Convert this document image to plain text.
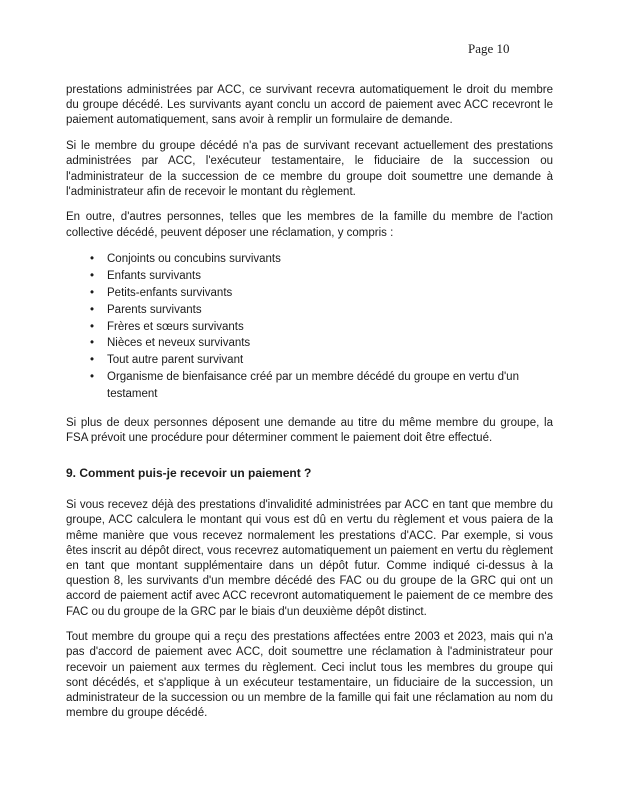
Page 10

prestations administrées par ACC, ce survivant recevra automatiquement le droit du membre du groupe décédé. Les survivants ayant conclu un accord de paiement avec ACC recevront le paiement automatiquement, sans avoir à remplir un formulaire de demande.

Si le membre du groupe décédé n'a pas de survivant recevant actuellement des prestations administrées par ACC, l'exécuteur testamentaire, le fiduciaire de la succession ou l'administrateur de la succession de ce membre du groupe doit soumettre une demande à l'administrateur afin de recevoir le montant du règlement.

En outre, d'autres personnes, telles que les membres de la famille du membre de l'action collective décédé, peuvent déposer une réclamation, y compris :

• Conjoints ou concubins survivants
• Enfants survivants
• Petits-enfants survivants
• Parents survivants
• Frères et sœurs survivants
• Nièces et neveux survivants
• Tout autre parent survivant
• Organisme de bienfaisance créé par un membre décédé du groupe en vertu d'un testament

Si plus de deux personnes déposent une demande au titre du même membre du groupe, la FSA prévoit une procédure pour déterminer comment le paiement doit être effectué.

9. Comment puis-je recevoir un paiement ?

Si vous recevez déjà des prestations d'invalidité administrées par ACC en tant que membre du groupe, ACC calculera le montant qui vous est dû en vertu du règlement et vous paiera de la même manière que vous recevez normalement les prestations d'ACC. Par exemple, si vous êtes inscrit au dépôt direct, vous recevrez automatiquement un paiement en vertu du règlement en tant que montant supplémentaire dans un dépôt futur. Comme indiqué ci-dessus à la question 8, les survivants d'un membre décédé des FAC ou du groupe de la GRC qui ont un accord de paiement actif avec ACC recevront automatiquement le paiement de ce membre des FAC ou du groupe de la GRC par le biais d'un deuxième dépôt distinct.

Tout membre du groupe qui a reçu des prestations affectées entre 2003 et 2023, mais qui n'a pas d'accord de paiement avec ACC, doit soumettre une réclamation à l'administrateur pour recevoir un paiement aux termes du règlement. Ceci inclut tous les membres du groupe qui sont décédés, et s'applique à un exécuteur testamentaire, un fiduciaire de la succession, un administrateur de la succession ou un membre de la famille qui fait une réclamation au nom du membre du groupe décédé.
